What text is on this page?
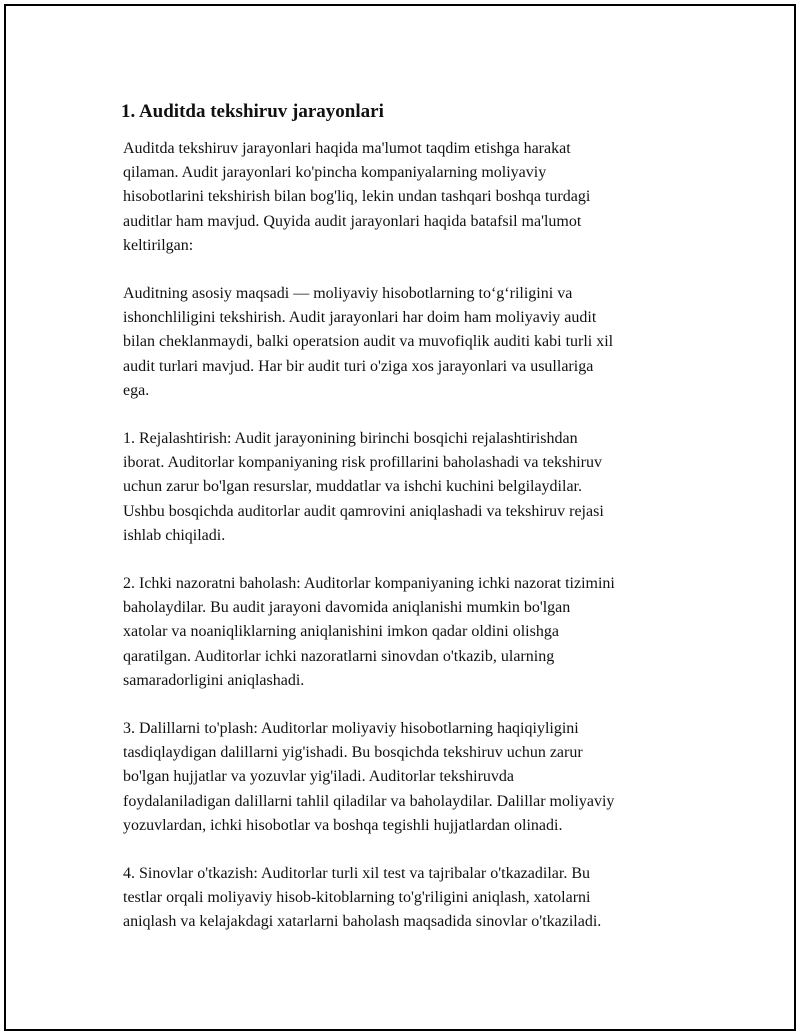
1. Auditda tekshiruv jarayonlari

Auditda tekshiruv jarayonlari haqida ma'lumot taqdim etishga harakat
qilaman. Audit jarayonlari ko'pincha kompaniyalarning moliyaviy
hisobotlarini tekshirish bilan bog'liq, lekin undan tashqari boshqa turdagi
auditlar ham mavjud. Quyida audit jarayonlari haqida batafsil ma'lumot
keltirilgan:

Auditning asosiy maqsadi — moliyaviy hisobotlarning to‘g‘riligini va
ishonchliligini tekshirish. Audit jarayonlari har doim ham moliyaviy audit
bilan cheklanmaydi, balki operatsion audit va muvofiqlik auditi kabi turli xil
audit turlari mavjud. Har bir audit turi o'ziga xos jarayonlari va usullariga
ega.

1. Rejalashtirish: Audit jarayonining birinchi bosqichi rejalashtirishdan
iborat. Auditorlar kompaniyaning risk profillarini baholashadi va tekshiruv
uchun zarur bo'lgan resurslar, muddatlar va ishchi kuchini belgilaydilar.
Ushbu bosqichda auditorlar audit qamrovini aniqlashadi va tekshiruv rejasi
ishlab chiqiladi.

2. Ichki nazoratni baholash: Auditorlar kompaniyaning ichki nazorat tizimini
baholaydilar. Bu audit jarayoni davomida aniqlanishi mumkin bo'lgan
xatolar va noaniqliklarning aniqlanishini imkon qadar oldini olishga
qaratilgan. Auditorlar ichki nazoratlarni sinovdan o'tkazib, ularning
samaradorligini aniqlashadi.

3. Dalillarni to'plash: Auditorlar moliyaviy hisobotlarning haqiqiyligini
tasdiqlaydigan dalillarni yig'ishadi. Bu bosqichda tekshiruv uchun zarur
bo'lgan hujjatlar va yozuvlar yig'iladi. Auditorlar tekshiruvda
foydalaniladigan dalillarni tahlil qiladilar va baholaydilar. Dalillar moliyaviy
yozuvlardan, ichki hisobotlar va boshqa tegishli hujjatlardan olinadi.

4. Sinovlar o'tkazish: Auditorlar turli xil test va tajribalar o'tkazadilar. Bu
testlar orqali moliyaviy hisob-kitoblarning to'g'riligini aniqlash, xatolarni
aniqlash va kelajakdagi xatarlarni baholash maqsadida sinovlar o'tkaziladi.
